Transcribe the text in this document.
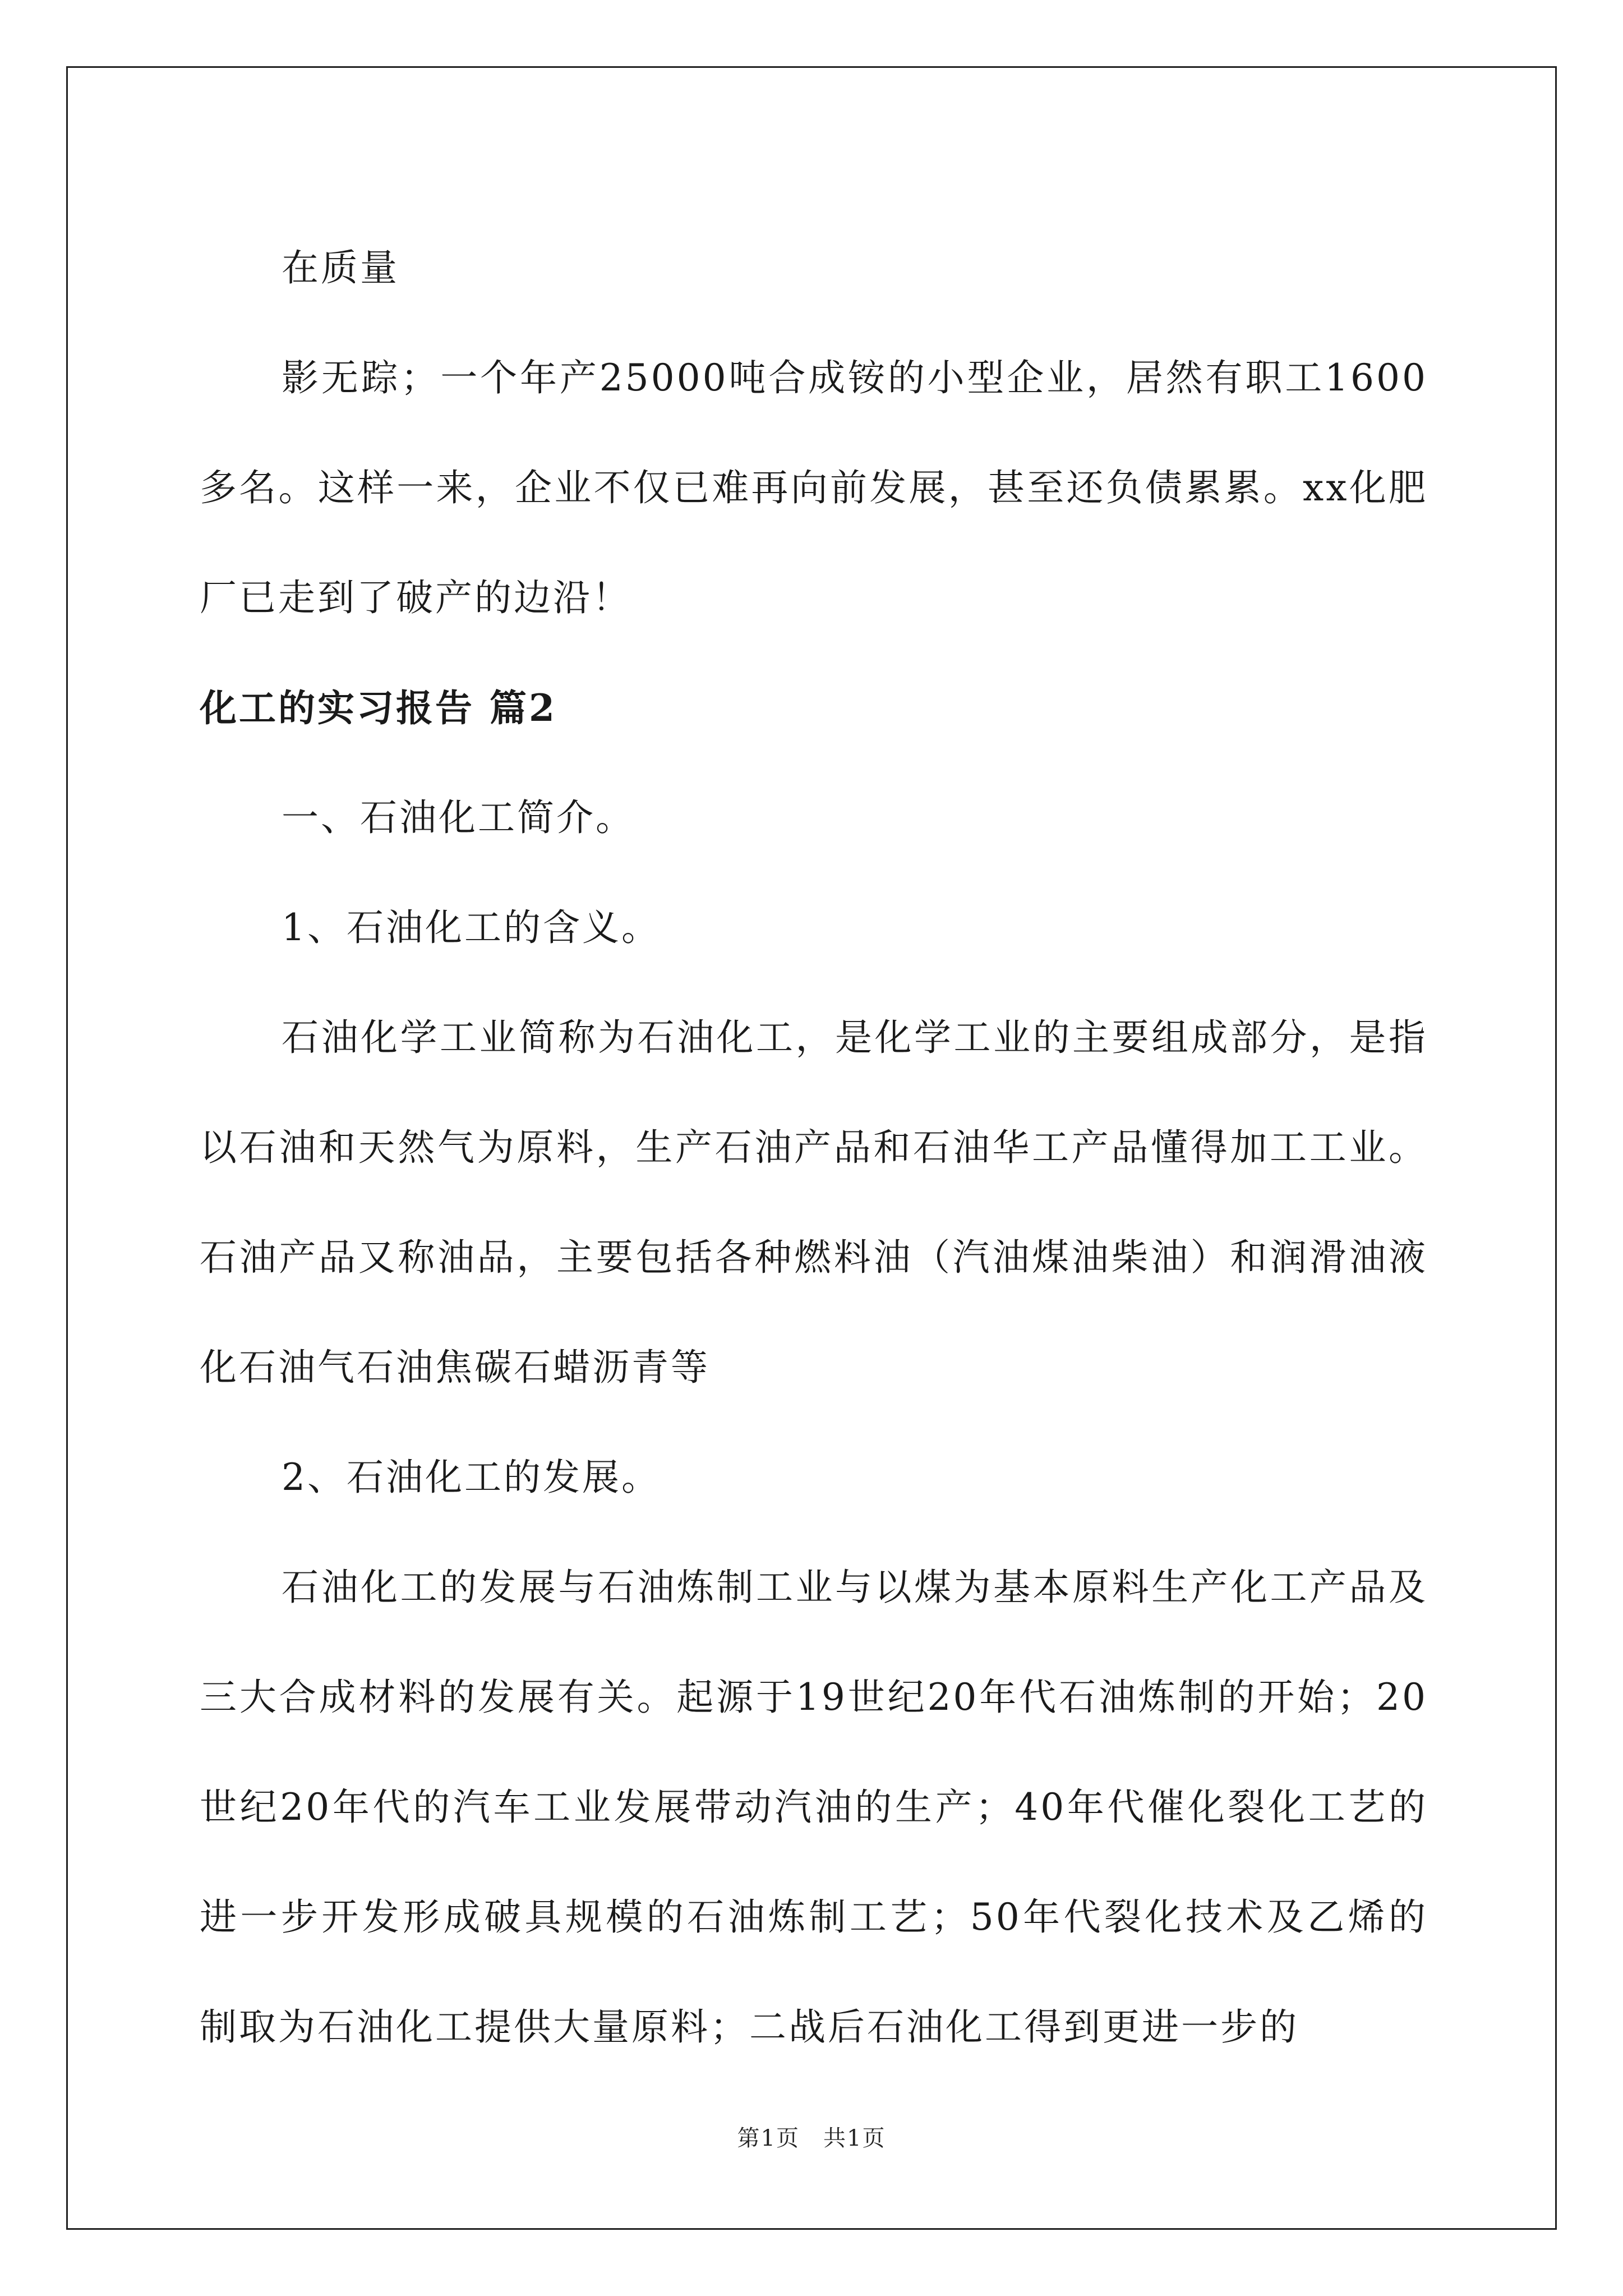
在质量

影无踪；一个年产25000吨合成铵的小型企业，居然有职工1600多名。这样一来，企业不仅已难再向前发展，甚至还负债累累。xx化肥厂已走到了破产的边沿！

化工的实习报告 篇2

一、石油化工简介。

1、石油化工的含义。

石油化学工业简称为石油化工，是化学工业的主要组成部分，是指以石油和天然气为原料，生产石油产品和石油华工产品懂得加工工业。石油产品又称油品，主要包括各种燃料油（汽油煤油柴油）和润滑油液化石油气石油焦碳石蜡沥青等

2、石油化工的发展。

石油化工的发展与石油炼制工业与以煤为基本原料生产化工产品及三大合成材料的发展有关。起源于19世纪20年代石油炼制的开始；20世纪20年代的汽车工业发展带动汽油的生产；40年代催化裂化工艺的进一步开发形成破具规模的石油炼制工艺；50年代裂化技术及乙烯的制取为石油化工提供大量原料；二战后石油化工得到更进一步的

第1页　共1页
